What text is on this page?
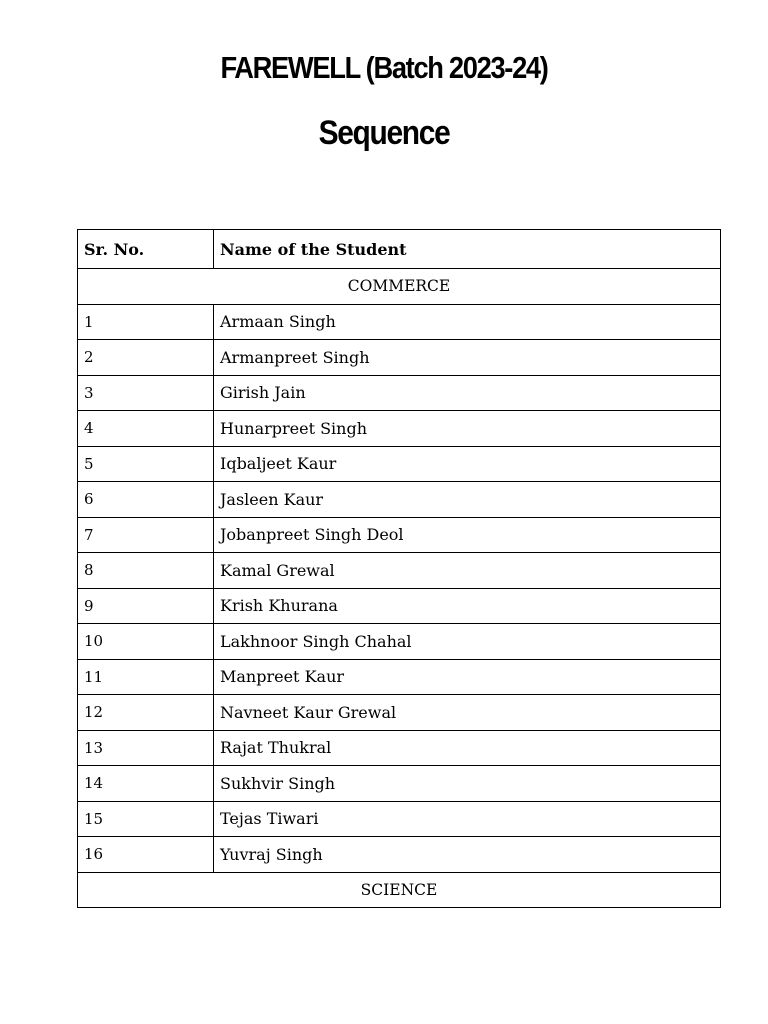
FAREWELL (Batch 2023-24)
Sequence
Sr. No.	Name of the Student
COMMERCE	
1	Armaan Singh
2	Armanpreet Singh
3	Girish Jain
4	Hunarpreet Singh
5	Iqbaljeet Kaur
6	Jasleen Kaur
7	Jobanpreet Singh Deol
8	Kamal Grewal
9	Krish Khurana
10	Lakhnoor Singh Chahal
11	Manpreet Kaur
12	Navneet Kaur Grewal
13	Rajat Thukral
14	Sukhvir Singh
15	Tejas Tiwari
16	Yuvraj Singh
SCIENCE	
